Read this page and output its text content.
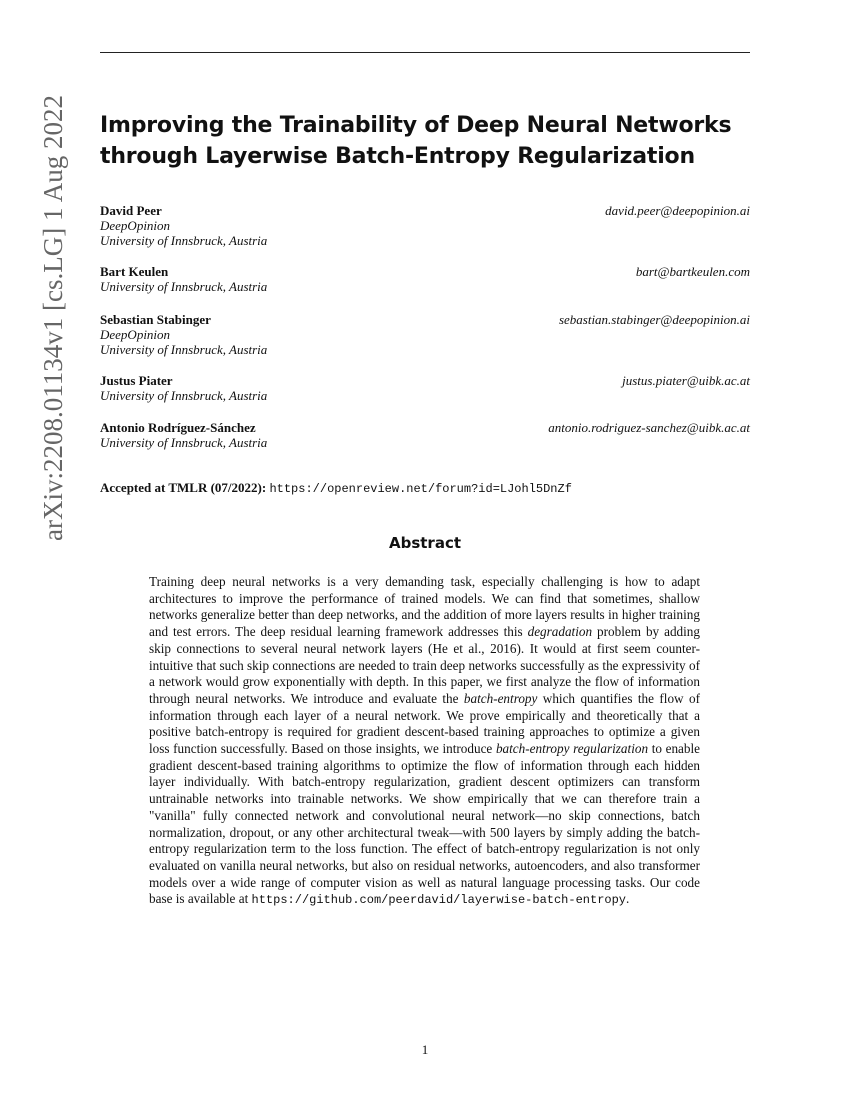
arXiv:2208.01134v1 [cs.LG] 1 Aug 2022 Improving the Trainability of Deep Neural Networks through Layerwise Batch-Entropy Regularization
David Peer	david.peer@deepopinion.ai
DeepOpinion
University of Innsbruck, Austria
Bart Keulen	bart@bartkeulen.com
University of Innsbruck, Austria
Sebastian Stabinger	sebastian.stabinger@deepopinion.ai
DeepOpinion
University of Innsbruck, Austria
Justus Piater	justus.piater@uibk.ac.at
University of Innsbruck, Austria
Antonio Rodríguez-Sánchez	antonio.rodriguez-sanchez@uibk.ac.at
University of Innsbruck, Austria
Accepted at TMLR (07/2022): https://openreview.net/forum?id=LJohl5DnZf
Abstract

Training deep neural networks is a very demanding task, especially challenging is how to adapt architectures to improve the performance of trained models. We can find that sometimes, shallow networks generalize better than deep networks, and the addition of more layers results in higher training and test errors. The deep residual learning framework addresses this degradation problem by adding skip connections to several neural network layers (He et al., 2016). It would at first seem counter-intuitive that such skip connections are needed to train deep networks successfully as the expressivity of a network would grow exponentially with depth. In this paper, we first analyze the flow of information through neural networks. We introduce and evaluate the batch-entropy which quantifies the flow of information through each layer of a neural network. We prove empirically and theoretically that a positive batch-entropy is required for gradient descent-based training approaches to optimize a given loss function successfully. Based on those insights, we introduce batch-entropy regularization to enable gradient descent-based training algorithms to optimize the flow of information through each hidden layer individually. With batch-entropy regularization, gradient descent optimizers can transform untrainable networks into trainable networks. We show empirically that we can therefore train a "vanilla" fully connected network and convolutional neural network—no skip connections, batch normalization, dropout, or any other architectural tweak—with 500 layers by simply adding the batch-entropy regularization term to the loss function. The effect of batch-entropy regularization is not only evaluated on vanilla neural networks, but also on residual networks, autoencoders, and also transformer models over a wide range of computer vision as well as natural language processing tasks. Our code base is available at https://github.com/peerdavid/layerwise-batch-entropy.

1
